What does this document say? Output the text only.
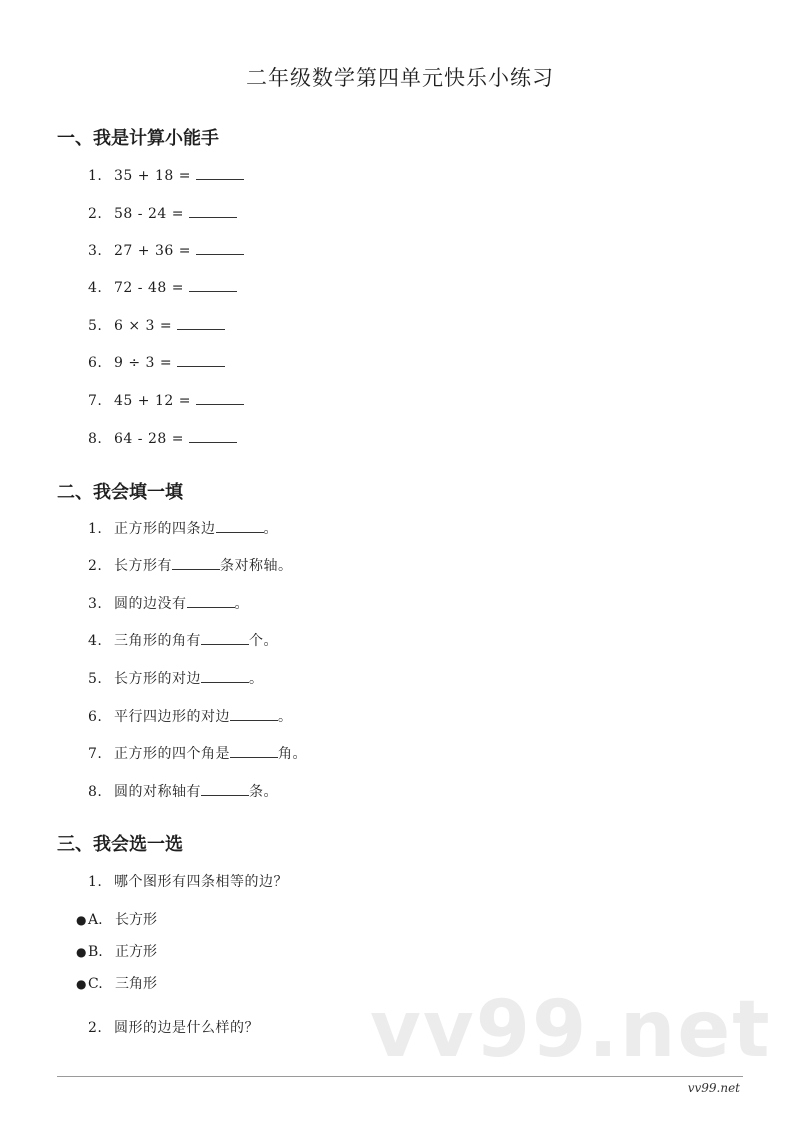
二年级数学第四单元快乐小练习
一、我是计算小能手
1. 35 + 18 =
2. 58 - 24 =
3. 27 + 36 =
4. 72 - 48 =
5. 6 × 3 =
6. 9 ÷ 3 =
7. 45 + 12 =
8. 64 - 28 =
二、我会填一填
1. 正方形的四条边	。
2. 长方形有	条对称轴。
3. 圆的边没有	。
4. 三角形的角有	个。
5. 长方形的对边	。
6. 平行四边形的对边	。
7. 正方形的四个角是	角。
8. 圆的对称轴有	条。
三、我会选一选
1. 哪个图形有四条相等的边？
● A. 长方形
● B. 正方形
● C. 三角形
2. 圆形的边是什么样的？ vv99.net
vv99.net
